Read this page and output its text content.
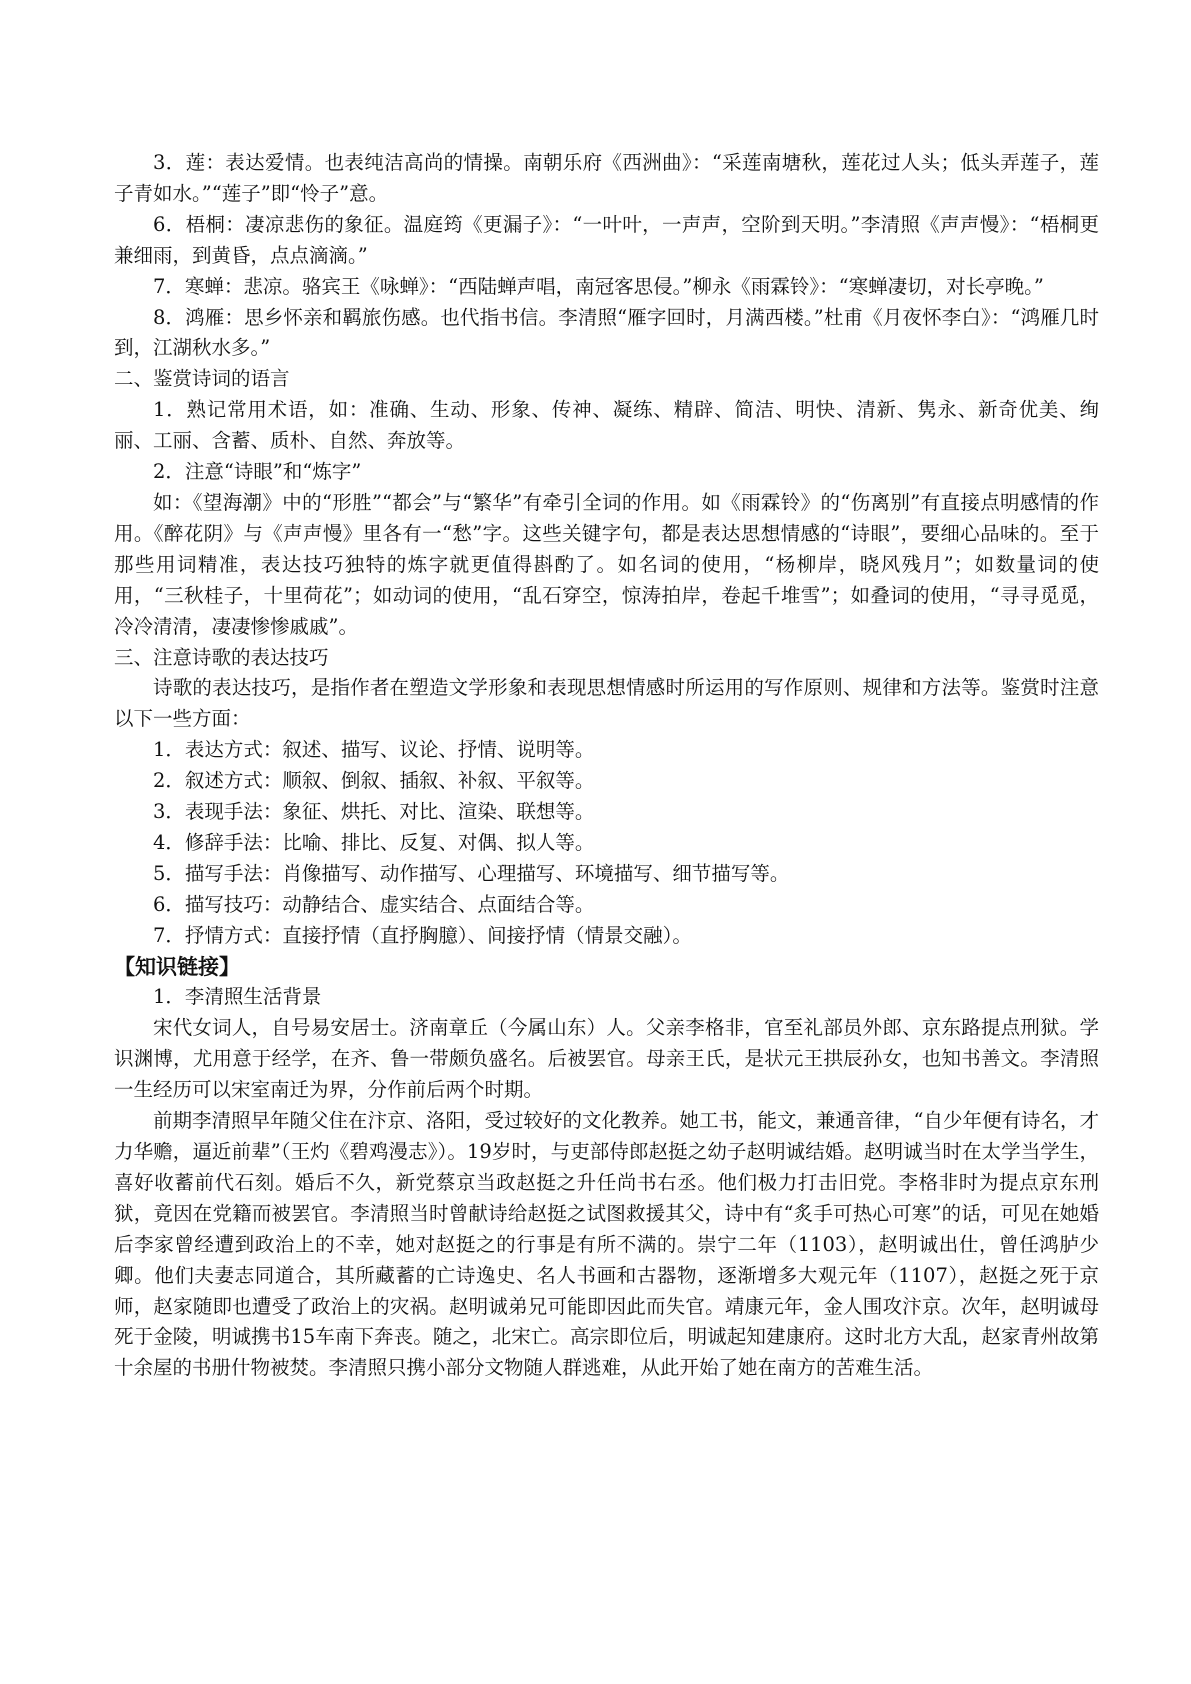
3．莲：表达爱情。也表纯洁高尚的情操。南朝乐府《西洲曲》：“采莲南塘秋，莲花过人头；低头弄莲子，莲子青如水。”“莲子”即“怜子”意。

6．梧桐：凄凉悲伤的象征。温庭筠《更漏子》：“一叶叶，一声声，空阶到天明。”李清照《声声慢》：“梧桐更兼细雨，到黄昏，点点滴滴。”

7．寒蝉：悲凉。骆宾王《咏蝉》：“西陆蝉声唱，南冠客思侵。”柳永《雨霖铃》：“寒蝉凄切，对长亭晚。”

8．鸿雁：思乡怀亲和羁旅伤感。也代指书信。李清照“雁字回时，月满西楼。”杜甫《月夜怀李白》：“鸿雁几时到，江湖秋水多。”

二、鉴赏诗词的语言

1．熟记常用术语，如：准确、生动、形象、传神、凝练、精辟、简洁、明快、清新、隽永、新奇优美、绚丽、工丽、含蓄、质朴、自然、奔放等。

2．注意“诗眼”和“炼字”

如：《望海潮》中的“形胜”“都会”与“繁华”有牵引全词的作用。如《雨霖铃》的“伤离别”有直接点明感情的作用。《醉花阴》与《声声慢》里各有一“愁”字。这些关键字句，都是表达思想情感的“诗眼”，要细心品味的。至于那些用词精准，表达技巧独特的炼字就更值得斟酌了。如名词的使用，“杨柳岸，晓风残月”；如数量词的使用，“三秋桂子，十里荷花”；如动词的使用，“乱石穿空，惊涛拍岸，卷起千堆雪”；如叠词的使用，“寻寻觅觅，冷冷清清，凄凄惨惨戚戚”。

三、注意诗歌的表达技巧

诗歌的表达技巧，是指作者在塑造文学形象和表现思想情感时所运用的写作原则、规律和方法等。鉴赏时注意以下一些方面：

1．表达方式：叙述、描写、议论、抒情、说明等。

2．叙述方式：顺叙、倒叙、插叙、补叙、平叙等。

3．表现手法：象征、烘托、对比、渲染、联想等。

4．修辞手法：比喻、排比、反复、对偶、拟人等。

5．描写手法：肖像描写、动作描写、心理描写、环境描写、细节描写等。

6．描写技巧：动静结合、虚实结合、点面结合等。

7．抒情方式：直接抒情（直抒胸臆）、间接抒情（情景交融）。

【知识链接】

1．李清照生活背景

宋代女词人，自号易安居士。济南章丘（今属山东）人。父亲李格非，官至礼部员外郎、京东路提点刑狱。学识渊博，尤用意于经学，在齐、鲁一带颇负盛名。后被罢官。母亲王氏，是状元王拱辰孙女，也知书善文。李清照一生经历可以宋室南迁为界，分作前后两个时期。

前期李清照早年随父住在汴京、洛阳，受过较好的文化教养。她工书，能文，兼通音律，“自少年便有诗名，才力华赡，逼近前辈”（王灼《碧鸡漫志》）。19岁时，与吏部侍郎赵挺之幼子赵明诚结婚。赵明诚当时在太学当学生，喜好收蓄前代石刻。婚后不久，新党蔡京当政赵挺之升任尚书右丞。他们极力打击旧党。李格非时为提点京东刑狱，竟因在党籍而被罢官。李清照当时曾献诗给赵挺之试图救援其父，诗中有“炙手可热心可寒”的话，可见在她婚后李家曾经遭到政治上的不幸，她对赵挺之的行事是有所不满的。崇宁二年（1103），赵明诚出仕，曾任鸿胪少卿。他们夫妻志同道合，其所藏蓄的亡诗逸史、名人书画和古器物，逐渐增多大观元年（1107），赵挺之死于京师，赵家随即也遭受了政治上的灾祸。赵明诚弟兄可能即因此而失官。靖康元年，金人围攻汴京。次年，赵明诚母死于金陵，明诚携书15车南下奔丧。随之，北宋亡。高宗即位后，明诚起知建康府。这时北方大乱，赵家青州故第十余屋的书册什物被焚。李清照只携小部分文物随人群逃难，从此开始了她在南方的苦难生活。
